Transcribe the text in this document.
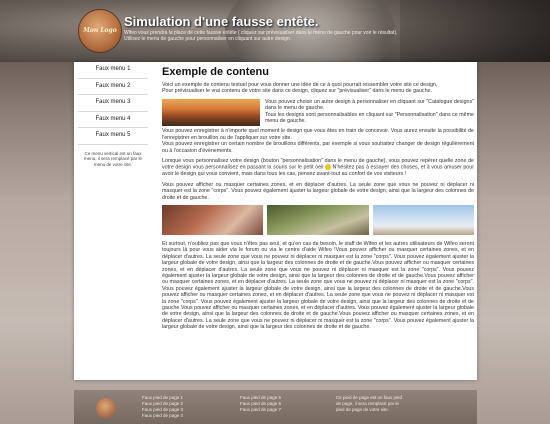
Mon Logo
Simulation d'une fausse entête.
Wifeo vous prendra la place de cette fausse entête ( cliquez sur prévisualiser dans le menu de gauche pour voir le résultat). Utilisez le menu de gauche pour personnaliser en cliquant sur autre design.
Faux menu 1
Faux menu 2
Faux menu 3
Faux menu 4
Faux menu 5
Ce menu vertical est un faux menu, il sera remplacé par le menu de votre site.
Exemple de contenu

Voici un exemple de contenu textuel pour vous donner une idée de ce à quoi pourrait ressembler votre site ce design.
Pour prévisualiser le vrai contenu de votre site dans ce design, cliquez sur "prévisualiser" dans le menu de gauche.

Vous pouvez choisir un autre design à personnaliser en cliquant sur "Catalogue designs" dans le menu de gauche.
Tous les designs sont personnalisables en cliquant sur "Personnalisation" dans ce même menu de gauche.

Vous pouvez enregistrer à n'importe quel moment le design que vous êtes en train de concevoir. Vous aurez ensuite la possibilité de l'enregistrer en brouillon ou de l'appliquer sur votre site.
Vous pouvez enregistrer un certain nombre de brouillons différents, par exemple si vous souhaitez changer de design régulièrement ou à l'occasion d'évènements.

Lorsque vous personnalisez votre design (bouton "personnalisation" dans le menu de gauche), vous pouvez repérer quelle zone de votre design vous personnalisez en passant la souris sur le petit oeil N'hésitez pas à essayer des choses, et à vous amuser pour avoir le design qui vous convient, mais dans tous les cas, pensez avant-tout au confort de vos visiteurs !

Vous pouvez afficher ou masquer certaines zones, et en déplacer d'autres. La seule zone que vous ne pouvez ni déplacer ni masquer est la zone "corps". Vous pouvez également ajuster la largeur globale de votre design, ainsi que la largeur des colonnes de droite et de gauche.

Et surtout, n'oubliez pas que vous n'êtes pas seul, et qu'en cas de besoin, le staff de Wifeo et les autres utilisateurs de Wifeo seront toujours là pour vous aider via le forum ou via le centre d'aide Wifeo !Vous pouvez afficher ou masquer certaines zones, et en déplacer d'autres. La seule zone que vous ne pouvez ni déplacer ni masquer est la zone "corps". Vous pouvez également ajuster la largeur globale de votre design, ainsi que la largeur des colonnes de droite et de gauche.Vous pouvez afficher ou masquer certaines zones, et en déplacer d'autres. La seule zone que vous ne pouvez ni déplacer ni masquer est la zone "corps". Vous pouvez également ajuster la largeur globale de votre design, ainsi que la largeur des colonnes de droite et de gauche.Vous pouvez afficher ou masquer certaines zones, et en déplacer d'autres. La seule zone que vous ne pouvez ni déplacer ni masquer est la zone "corps". Vous pouvez également ajuster la largeur globale de votre design, ainsi que la largeur des colonnes de droite et de gauche.Vous pouvez afficher ou masquer certaines zones, et en déplacer d'autres. La seule zone que vous ne pouvez ni déplacer ni masquer est la zone "corps". Vous pouvez également ajuster la largeur globale de votre design, ainsi que la largeur des colonnes de droite et de gauche.Vous pouvez afficher ou masquer certaines zones, et en déplacer d'autres. Vous pouvez également ajuster la largeur globale de votre design, ainsi que la largeur des colonnes de droite et de gauche.Vous pouvez afficher ou masquer certaines zones, et en déplacer d'autres. La seule zone que vous ne pouvez ni déplacer ni masquer est la zone "corps". Vous pouvez également ajuster la largeur globale de votre design, ainsi que la largeur des colonnes de droite et de gauche.

Faux pied de page 1
Faux pied de page 2
Faux pied de page 3
Faux pied de page 4
Faux pied de page 5
Faux pied de page 6
Faux pied de page 7
Ce pied de page est un faux pied de page, il sera remplacé par le pied de page de votre site.
